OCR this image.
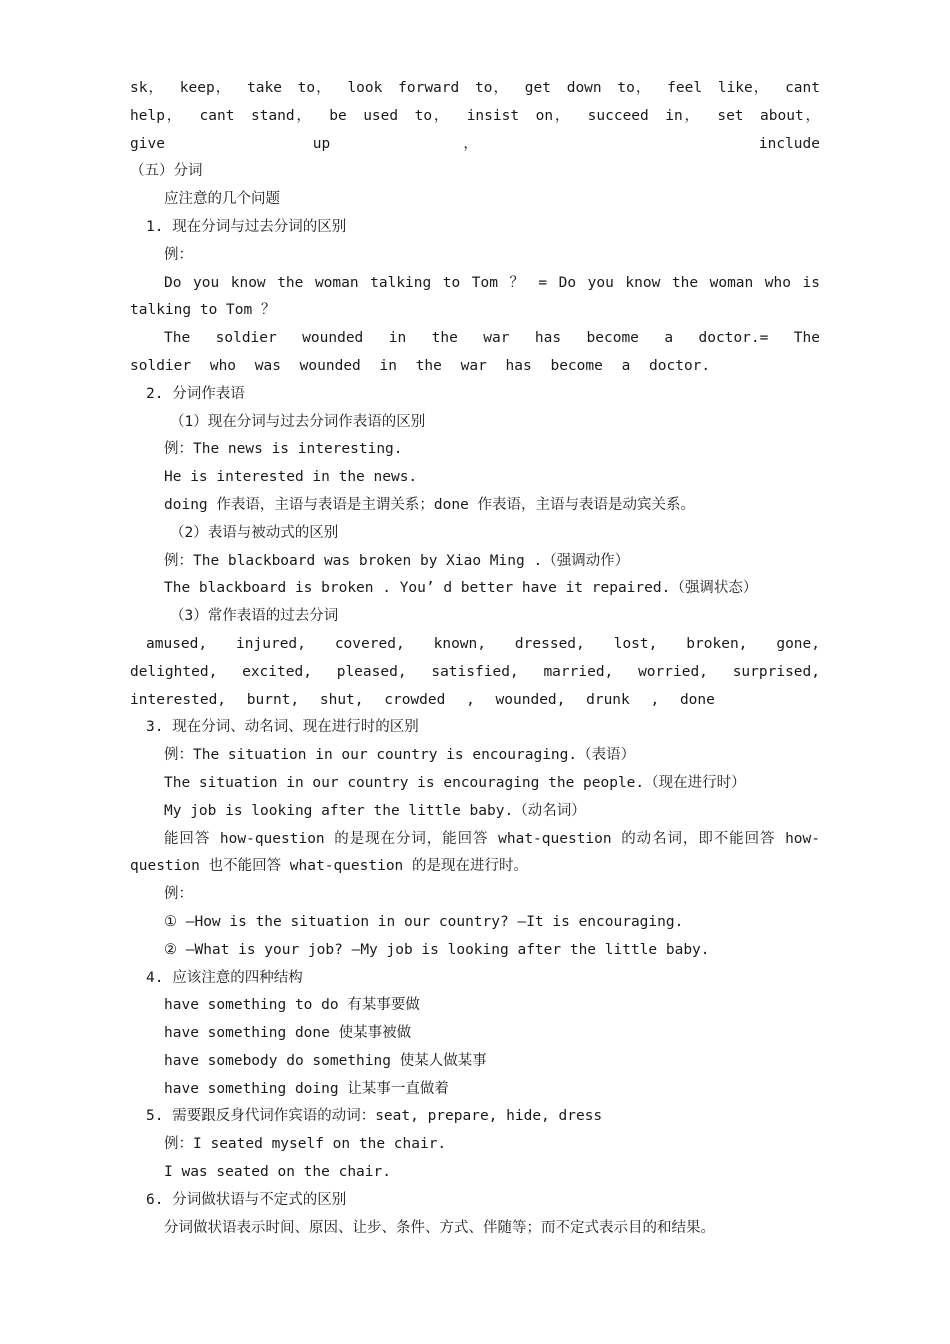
sk， keep， take to， look forward to， get down to， feel like， cant help， cant stand， be used to， insist on， succeed in， set about， give up， include
（五）分词
应注意的几个问题
1. 现在分词与过去分词的区别
例：
Do you know the woman talking to Tom ？ = Do you know the woman who is talking to Tom ？
The soldier wounded in the war has become a doctor.= The soldier who was wounded in the war has become a doctor.
2. 分词作表语
（1）现在分词与过去分词作表语的区别
例：The news is interesting.
He is interested in the news.
doing 作表语，主语与表语是主谓关系；done 作表语，主语与表语是动宾关系。
（2）表语与被动式的区别
例：The blackboard was broken by Xiao Ming .（强调动作）
The blackboard is broken . You’ d better have it repaired.（强调状态）
（3）常作表语的过去分词
amused, injured, covered, known, dressed, lost, broken, gone, delighted, excited, pleased, satisfied, married, worried, surprised, interested, burnt, shut, crowded , wounded, drunk , done
3. 现在分词、动名词、现在进行时的区别
例：The situation in our country is encouraging.（表语）
The situation in our country is encouraging the people.（现在进行时）
My job is looking after the little baby.（动名词）
能回答 how-question 的是现在分词，能回答 what-question 的动名词，即不能回答 how-question 也不能回答 what-question 的是现在进行时。
例：
① —How is the situation in our country? —It is encouraging.
② —What is your job? —My job is looking after the little baby.
4. 应该注意的四种结构
have something to do 有某事要做
have something done 使某事被做
have somebody do something 使某人做某事
have something doing 让某事一直做着
5. 需要跟反身代词作宾语的动词：seat, prepare, hide, dress
例：I seated myself on the chair.
I was seated on the chair.
6. 分词做状语与不定式的区别
分词做状语表示时间、原因、让步、条件、方式、伴随等；而不定式表示目的和结果。
